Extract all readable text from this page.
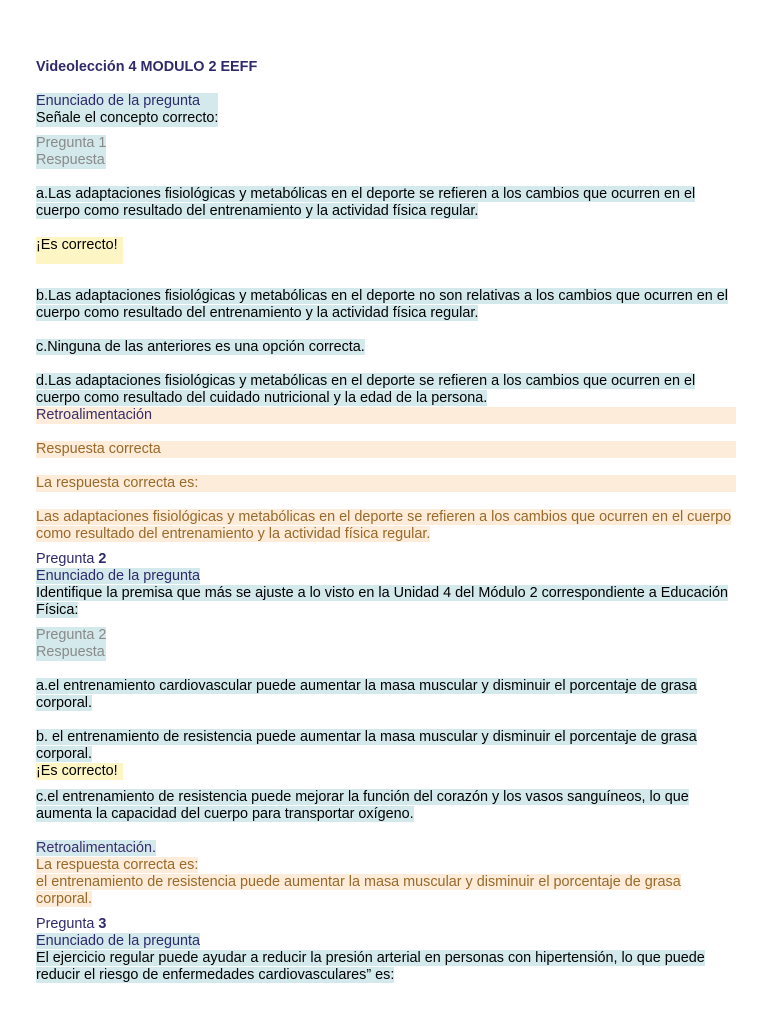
Videolección 4 MODULO 2 EEFF
Enunciado de la pregunta
Señale el concepto correcto:
Pregunta 1
Respuesta
a.Las adaptaciones fisiológicas y metabólicas en el deporte se refieren a los cambios que ocurren en el cuerpo como resultado del entrenamiento y la actividad física regular.
¡Es correcto!
b.Las adaptaciones fisiológicas y metabólicas en el deporte no son relativas a los cambios que ocurren en el cuerpo como resultado del entrenamiento y la actividad física regular.
c.Ninguna de las anteriores es una opción correcta.
d.Las adaptaciones fisiológicas y metabólicas en el deporte se refieren a los cambios que ocurren en el cuerpo como resultado del cuidado nutricional y la edad de la persona.
Retroalimentación

Respuesta correcta

La respuesta correcta es:

Las adaptaciones fisiológicas y metabólicas en el deporte se refieren a los cambios que ocurren en el cuerpo como resultado del entrenamiento y la actividad física regular.
Pregunta 2
Enunciado de la pregunta
Identifique la premisa que más se ajuste a lo visto en la Unidad 4 del Módulo 2 correspondiente a Educación Física:
Pregunta 2
Respuesta
a.el entrenamiento cardiovascular puede aumentar la masa muscular y disminuir el porcentaje de grasa corporal.
b. el entrenamiento de resistencia puede aumentar la masa muscular y disminuir el porcentaje de grasa corporal.
¡Es correcto!
c.el entrenamiento de resistencia puede mejorar la función del corazón y los vasos sanguíneos, lo que aumenta la capacidad del cuerpo para transportar oxígeno.
Retroalimentación.
La respuesta correcta es:
el entrenamiento de resistencia puede aumentar la masa muscular y disminuir el porcentaje de grasa corporal.
Pregunta 3
Enunciado de la pregunta
El ejercicio regular puede ayudar a reducir la presión arterial en personas con hipertensión, lo que puede reducir el riesgo de enfermedades cardiovasculares” es:
